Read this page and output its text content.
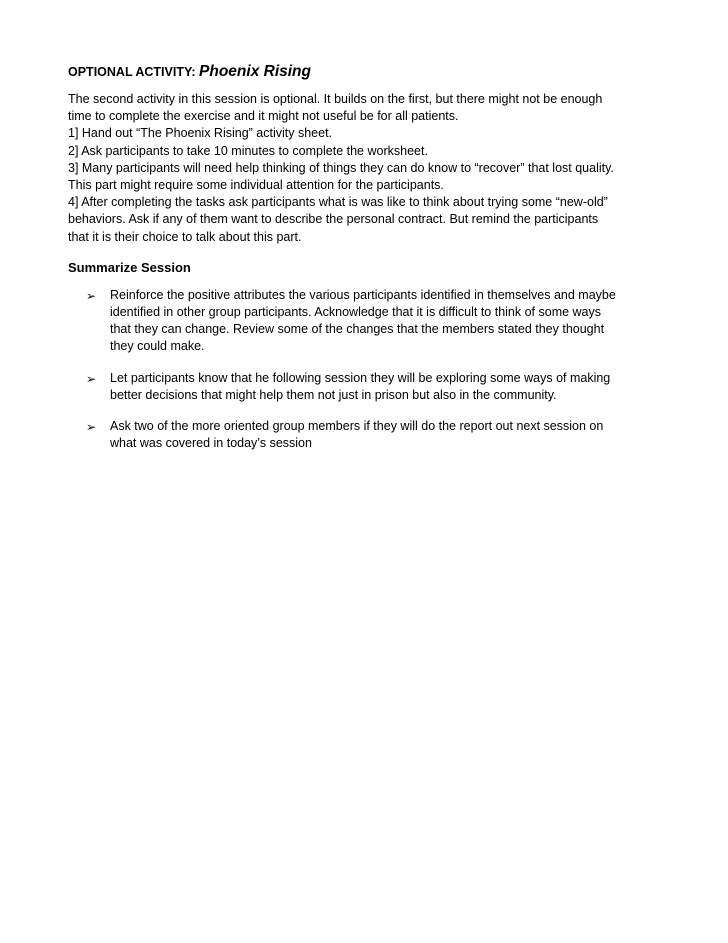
OPTIONAL ACTIVITY: Phoenix Rising

The second activity in this session is optional. It builds on the first, but there might not be enough
time to complete the exercise and it might not useful be for all patients.
1] Hand out “The Phoenix Rising” activity sheet.
2] Ask participants to take 10 minutes to complete the worksheet.
3] Many participants will need help thinking of things they can do know to “recover” that lost quality.
This part might require some individual attention for the participants.
4] After completing the tasks ask participants what is was like to think about trying some “new-old”
behaviors. Ask if any of them want to describe the personal contract. But remind the participants
that it is their choice to talk about this part.
Summarize Session
➢ Reinforce the positive attributes the various participants identified in themselves and maybe
identified in other group participants. Acknowledge that it is difficult to think of some ways
that they can change. Review some of the changes that the members stated they thought
they could make.
➢ Let participants know that he following session they will be exploring some ways of making
better decisions that might help them not just in prison but also in the community.
➢ Ask two of the more oriented group members if they will do the report out next session on
what was covered in today’s session
